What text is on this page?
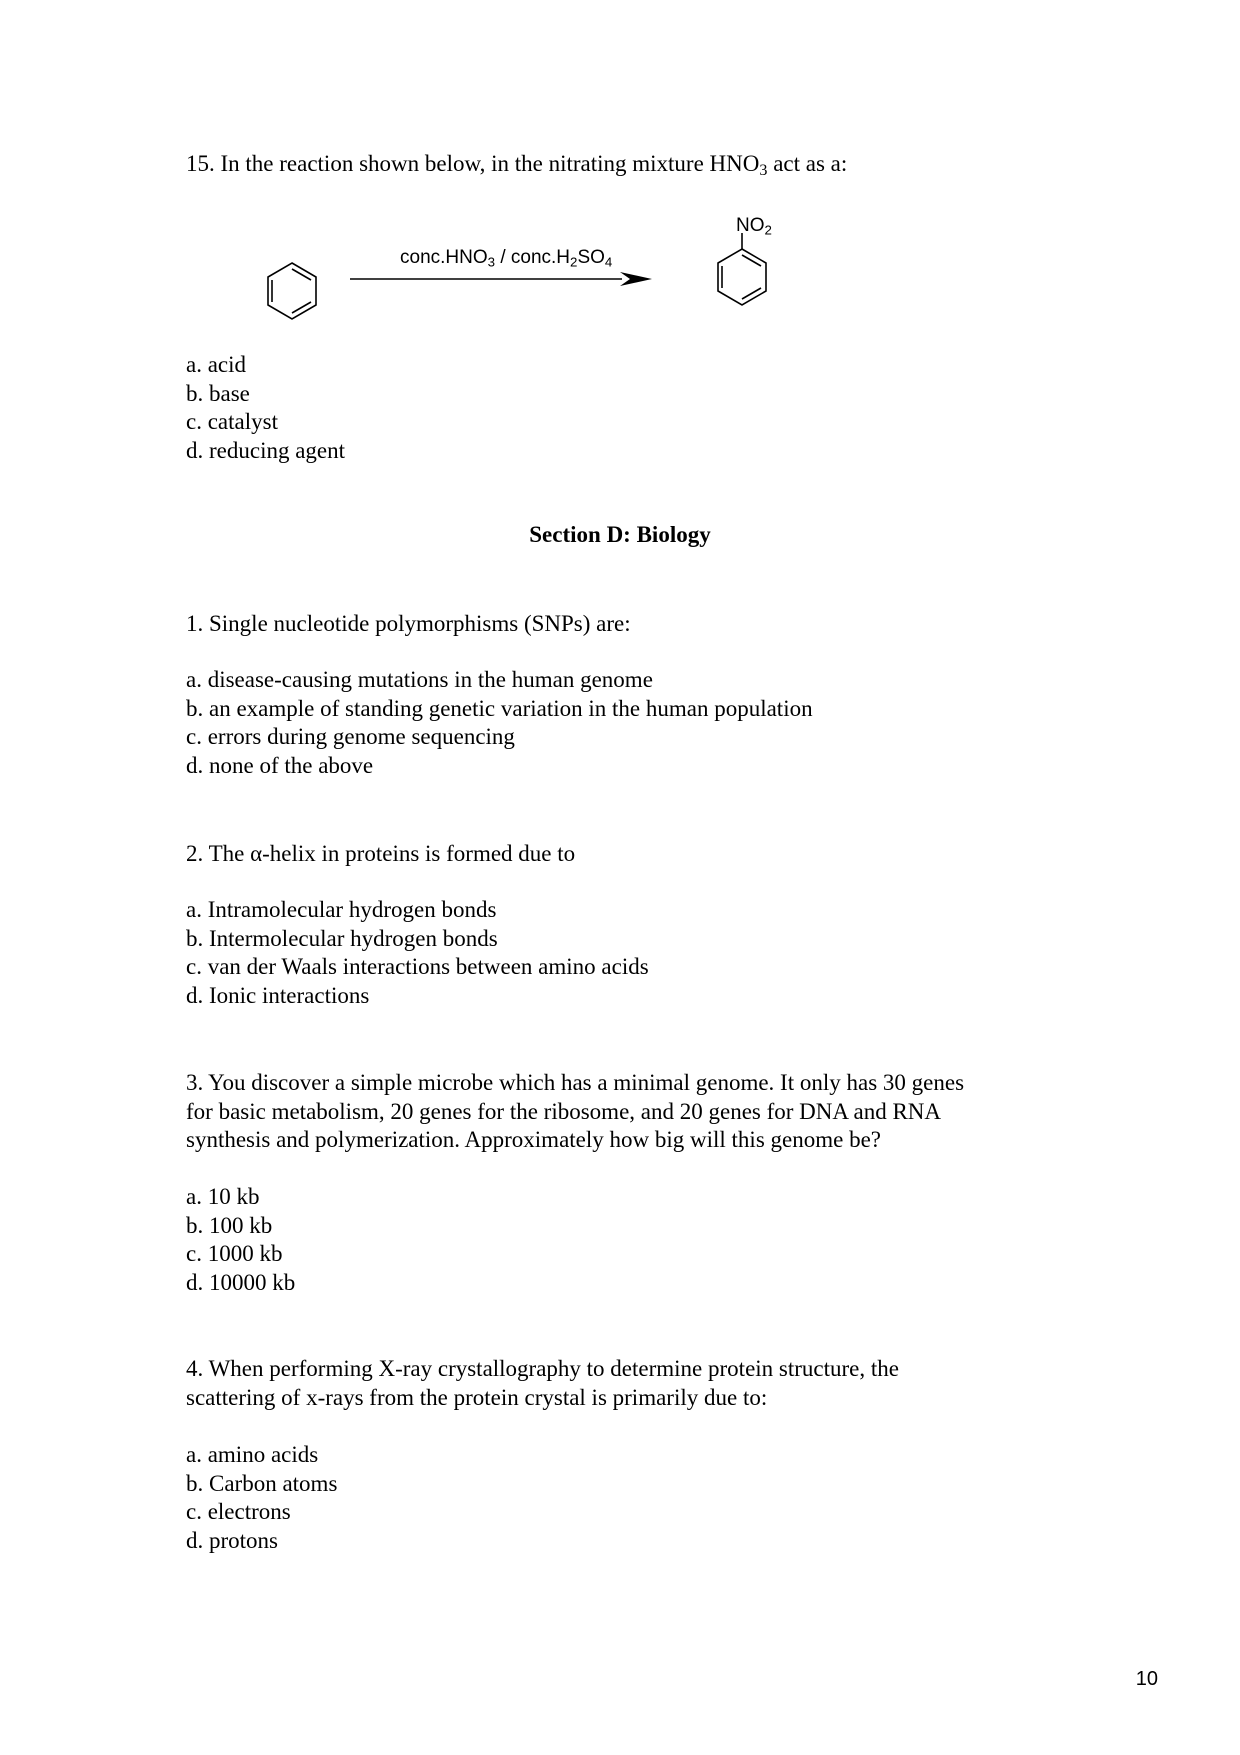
15. In the reaction shown below, in the nitrating mixture $HNO_3$ act as a:
$conc.HNO_3$ / $conc.H_2SO_4$
$NO_2$
a. acid
b. base
c. catalyst
d. reducing agent
Section D: Biology
1. Single nucleotide polymorphisms (SNPs) are:
a. disease-causing mutations in the human genome
b. an example of standing genetic variation in the human population
c. errors during genome sequencing
d. none of the above
2. The α-helix in proteins is formed due to
a. Intramolecular hydrogen bonds
b. Intermolecular hydrogen bonds
c. van der Waals interactions between amino acids
d. Ionic interactions
3. You discover a simple microbe which has a minimal genome. It only has 30 genes
for basic metabolism, 20 genes for the ribosome, and 20 genes for DNA and RNA
synthesis and polymerization. Approximately how big will this genome be?
a. 10 kb
b. 100 kb
c. 1000 kb
d. 10000 kb
4. When performing X-ray crystallography to determine protein structure, the
scattering of x-rays from the protein crystal is primarily due to:
a. amino acids
b. Carbon atoms
c. electrons
d. protons
10
